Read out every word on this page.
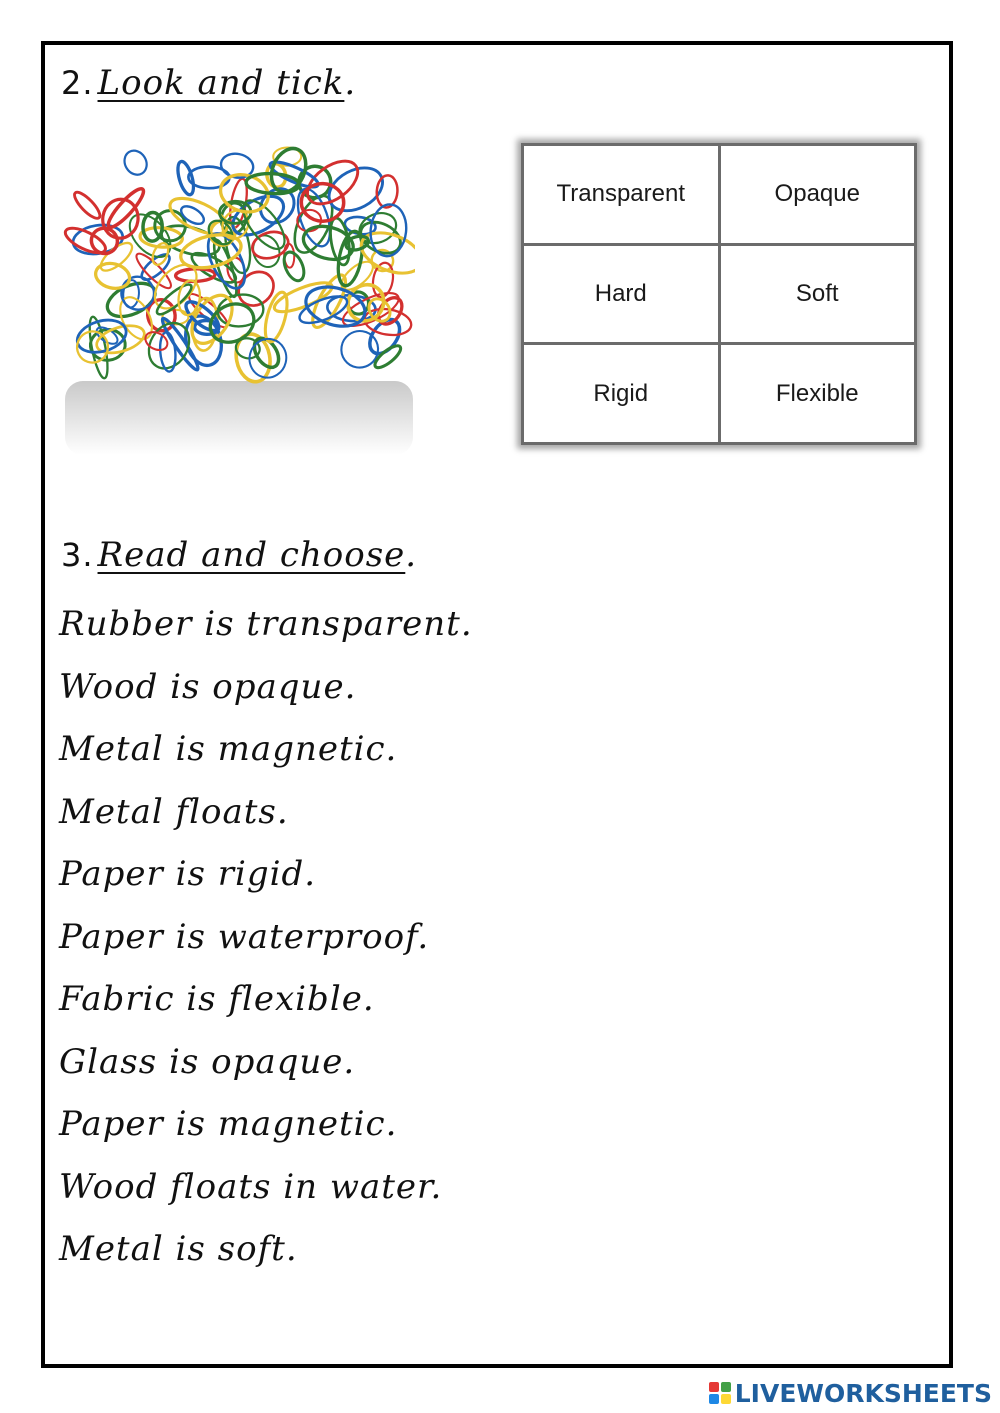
2. Look and tick.
Transparent	Opaque
Hard	Soft
Rigid	Flexible
3. Read and choose.
Rubber is transparent.
Wood is opaque.
Metal is magnetic.
Metal floats.
Paper is rigid.
Paper is waterproof.
Fabric is flexible.
Glass is opaque.
Paper is magnetic.
Wood floats in water.
Metal is soft.
LIVEWORKSHEETS
